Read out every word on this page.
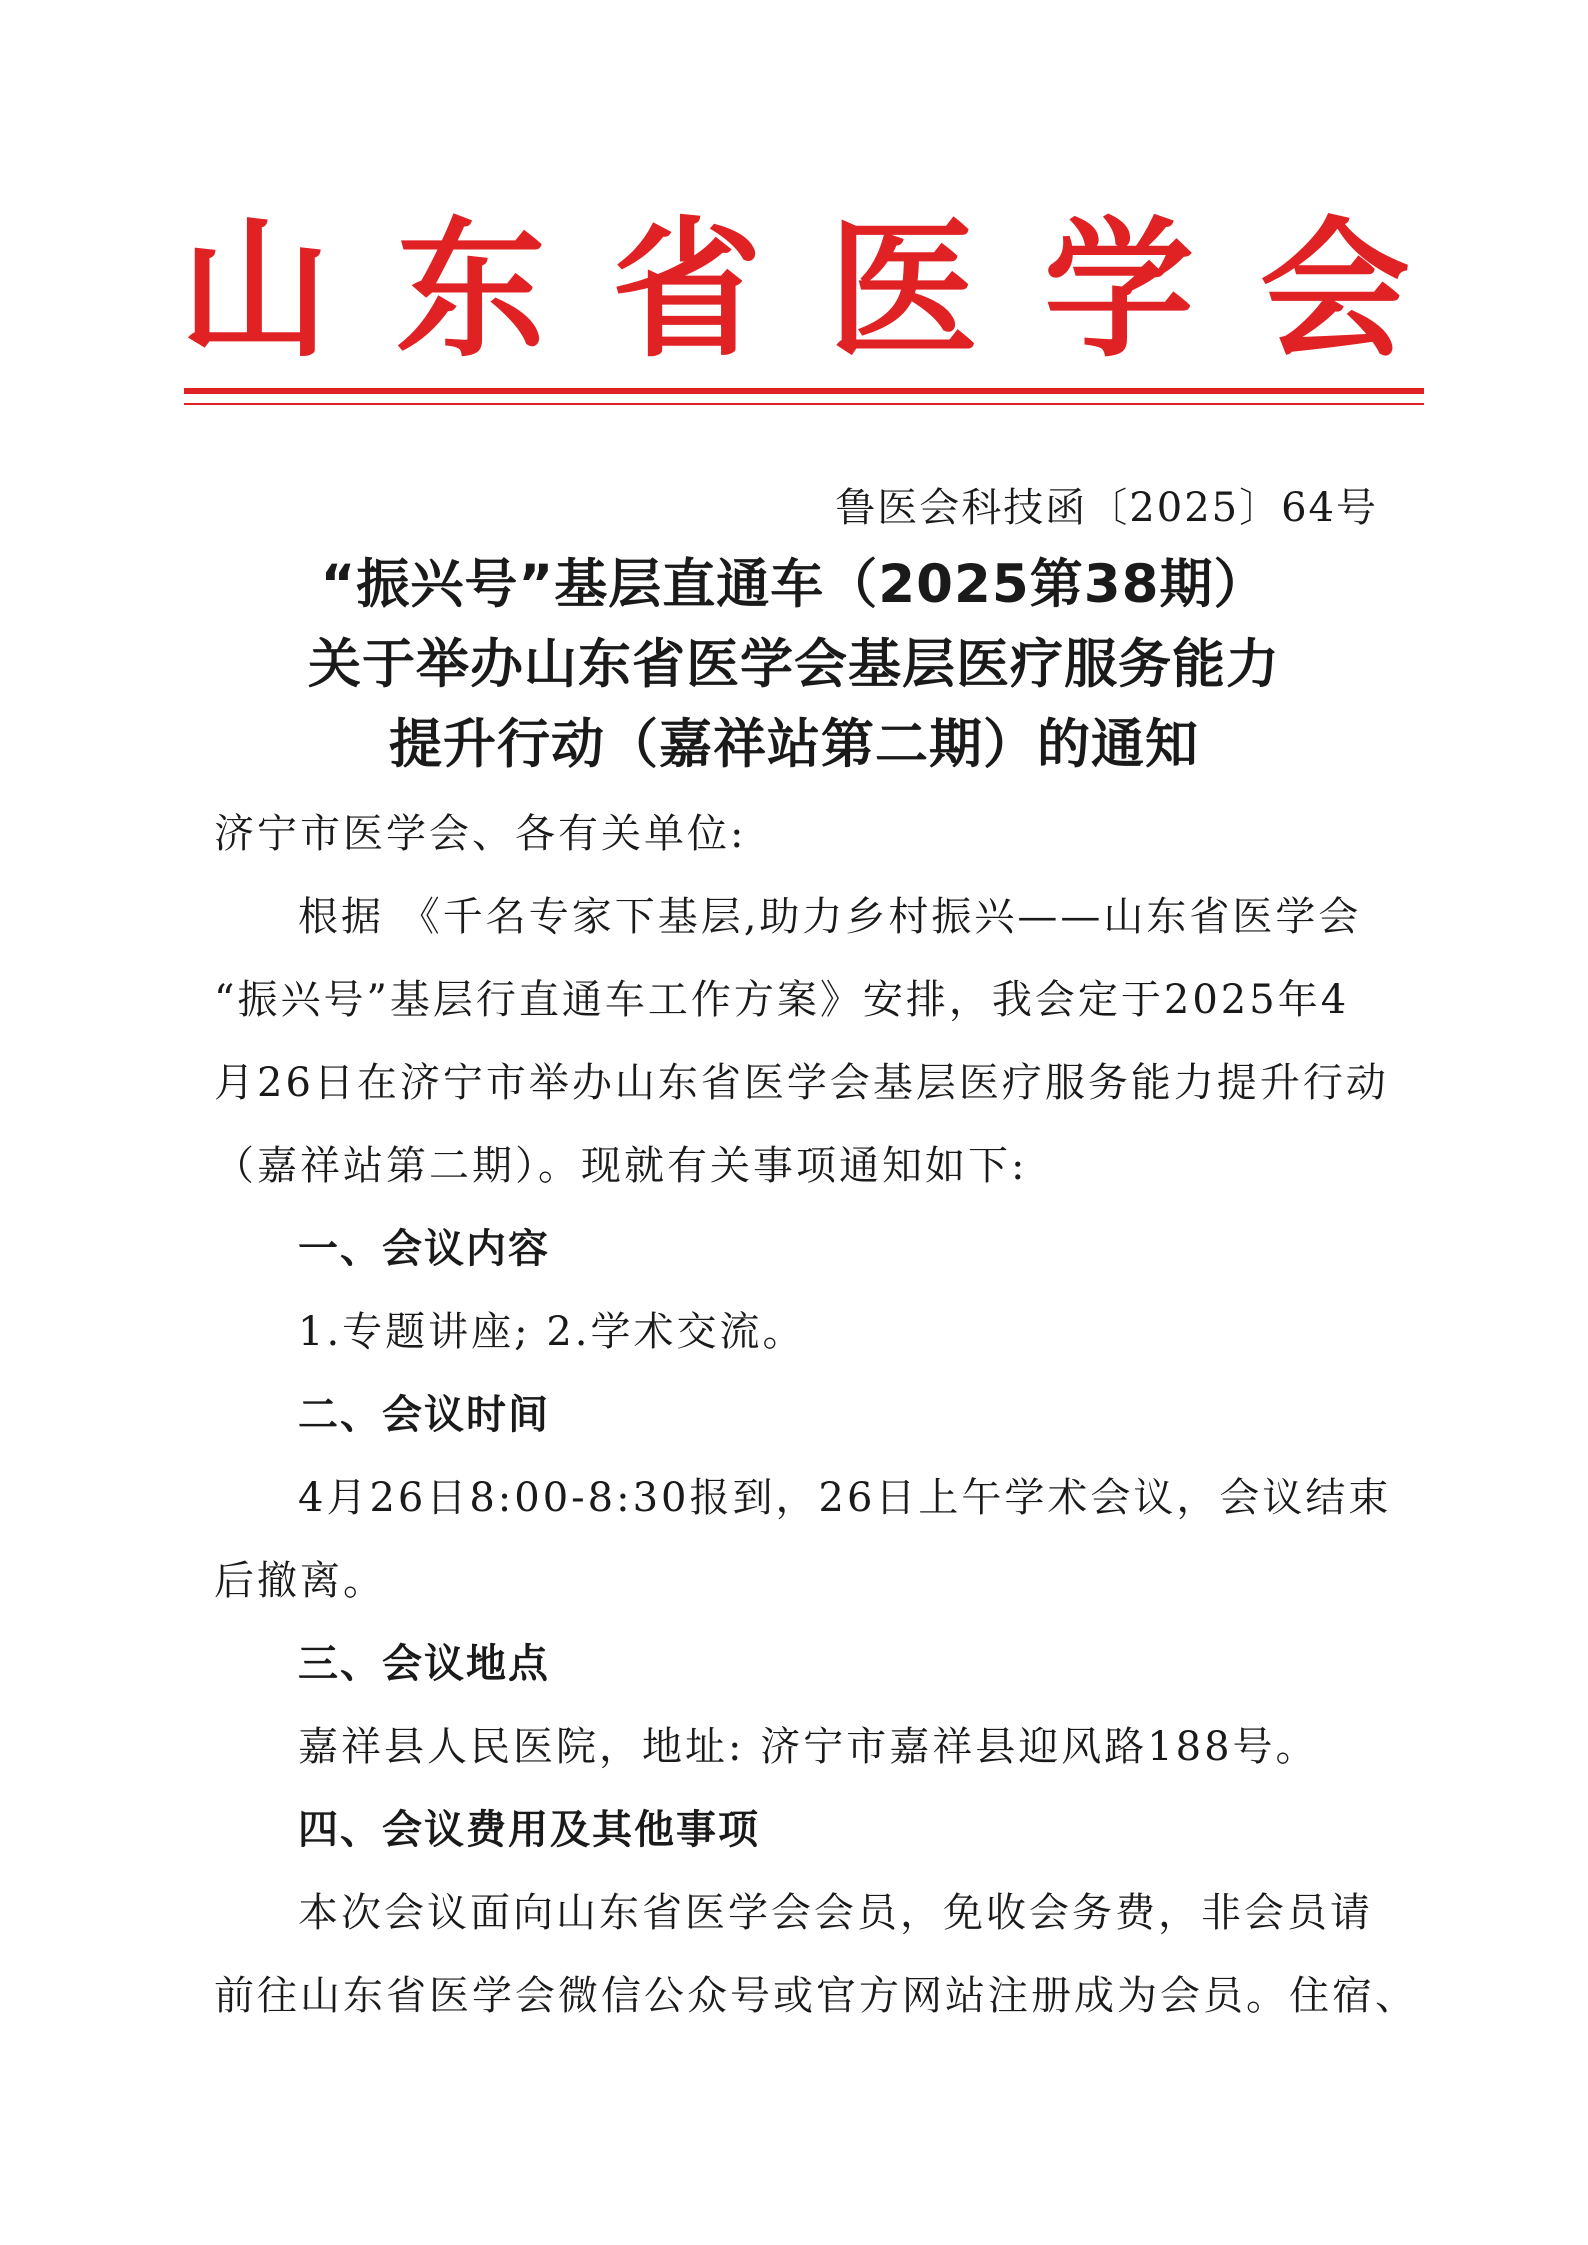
山 东 省 医 学 会
鲁医会科技函〔2025〕64号
“振兴号”基层直通车（2025第38期）
关于举办山东省医学会基层医疗服务能力
提升行动（嘉祥站第二期）的通知
济宁市医学会、各有关单位:
根据 《千名专家下基层,助力乡村振兴——山东省医学会
“振兴号”基层行直通车工作方案》安排，我会定于2025年4
月26日在济宁市举办山东省医学会基层医疗服务能力提升行动
（嘉祥站第二期）。现就有关事项通知如下:
一、会议内容
1.专题讲座; 2.学术交流。
二、会议时间
4月26日8:00-8:30报到，26日上午学术会议，会议结束
后撤离。
三、会议地点
嘉祥县人民医院，地址: 济宁市嘉祥县迎风路188号。
四、会议费用及其他事项
本次会议面向山东省医学会会员，免收会务费，非会员请
前往山东省医学会微信公众号或官方网站注册成为会员。住宿、
